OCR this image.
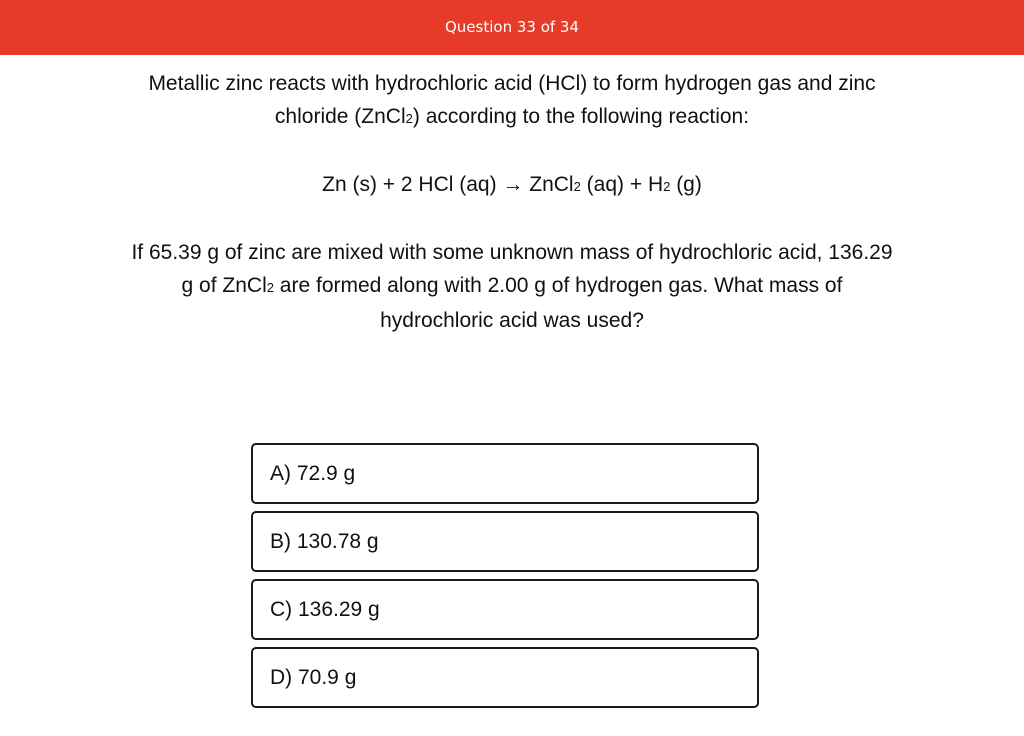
Question 33 of 34
Metallic zinc reacts with hydrochloric acid (HCl) to form hydrogen gas and zinc
chloride (ZnCl2) according to the following reaction:
Zn (s) + 2 HCl (aq) → ZnCl2 (aq) + H2 (g)
If 65.39 g of zinc are mixed with some unknown mass of hydrochloric acid, 136.29
g of ZnCl2 are formed along with 2.00 g of hydrogen gas. What mass of
hydrochloric acid was used?
A) 72.9 g
B) 130.78 g
C) 136.29 g
D) 70.9 g
